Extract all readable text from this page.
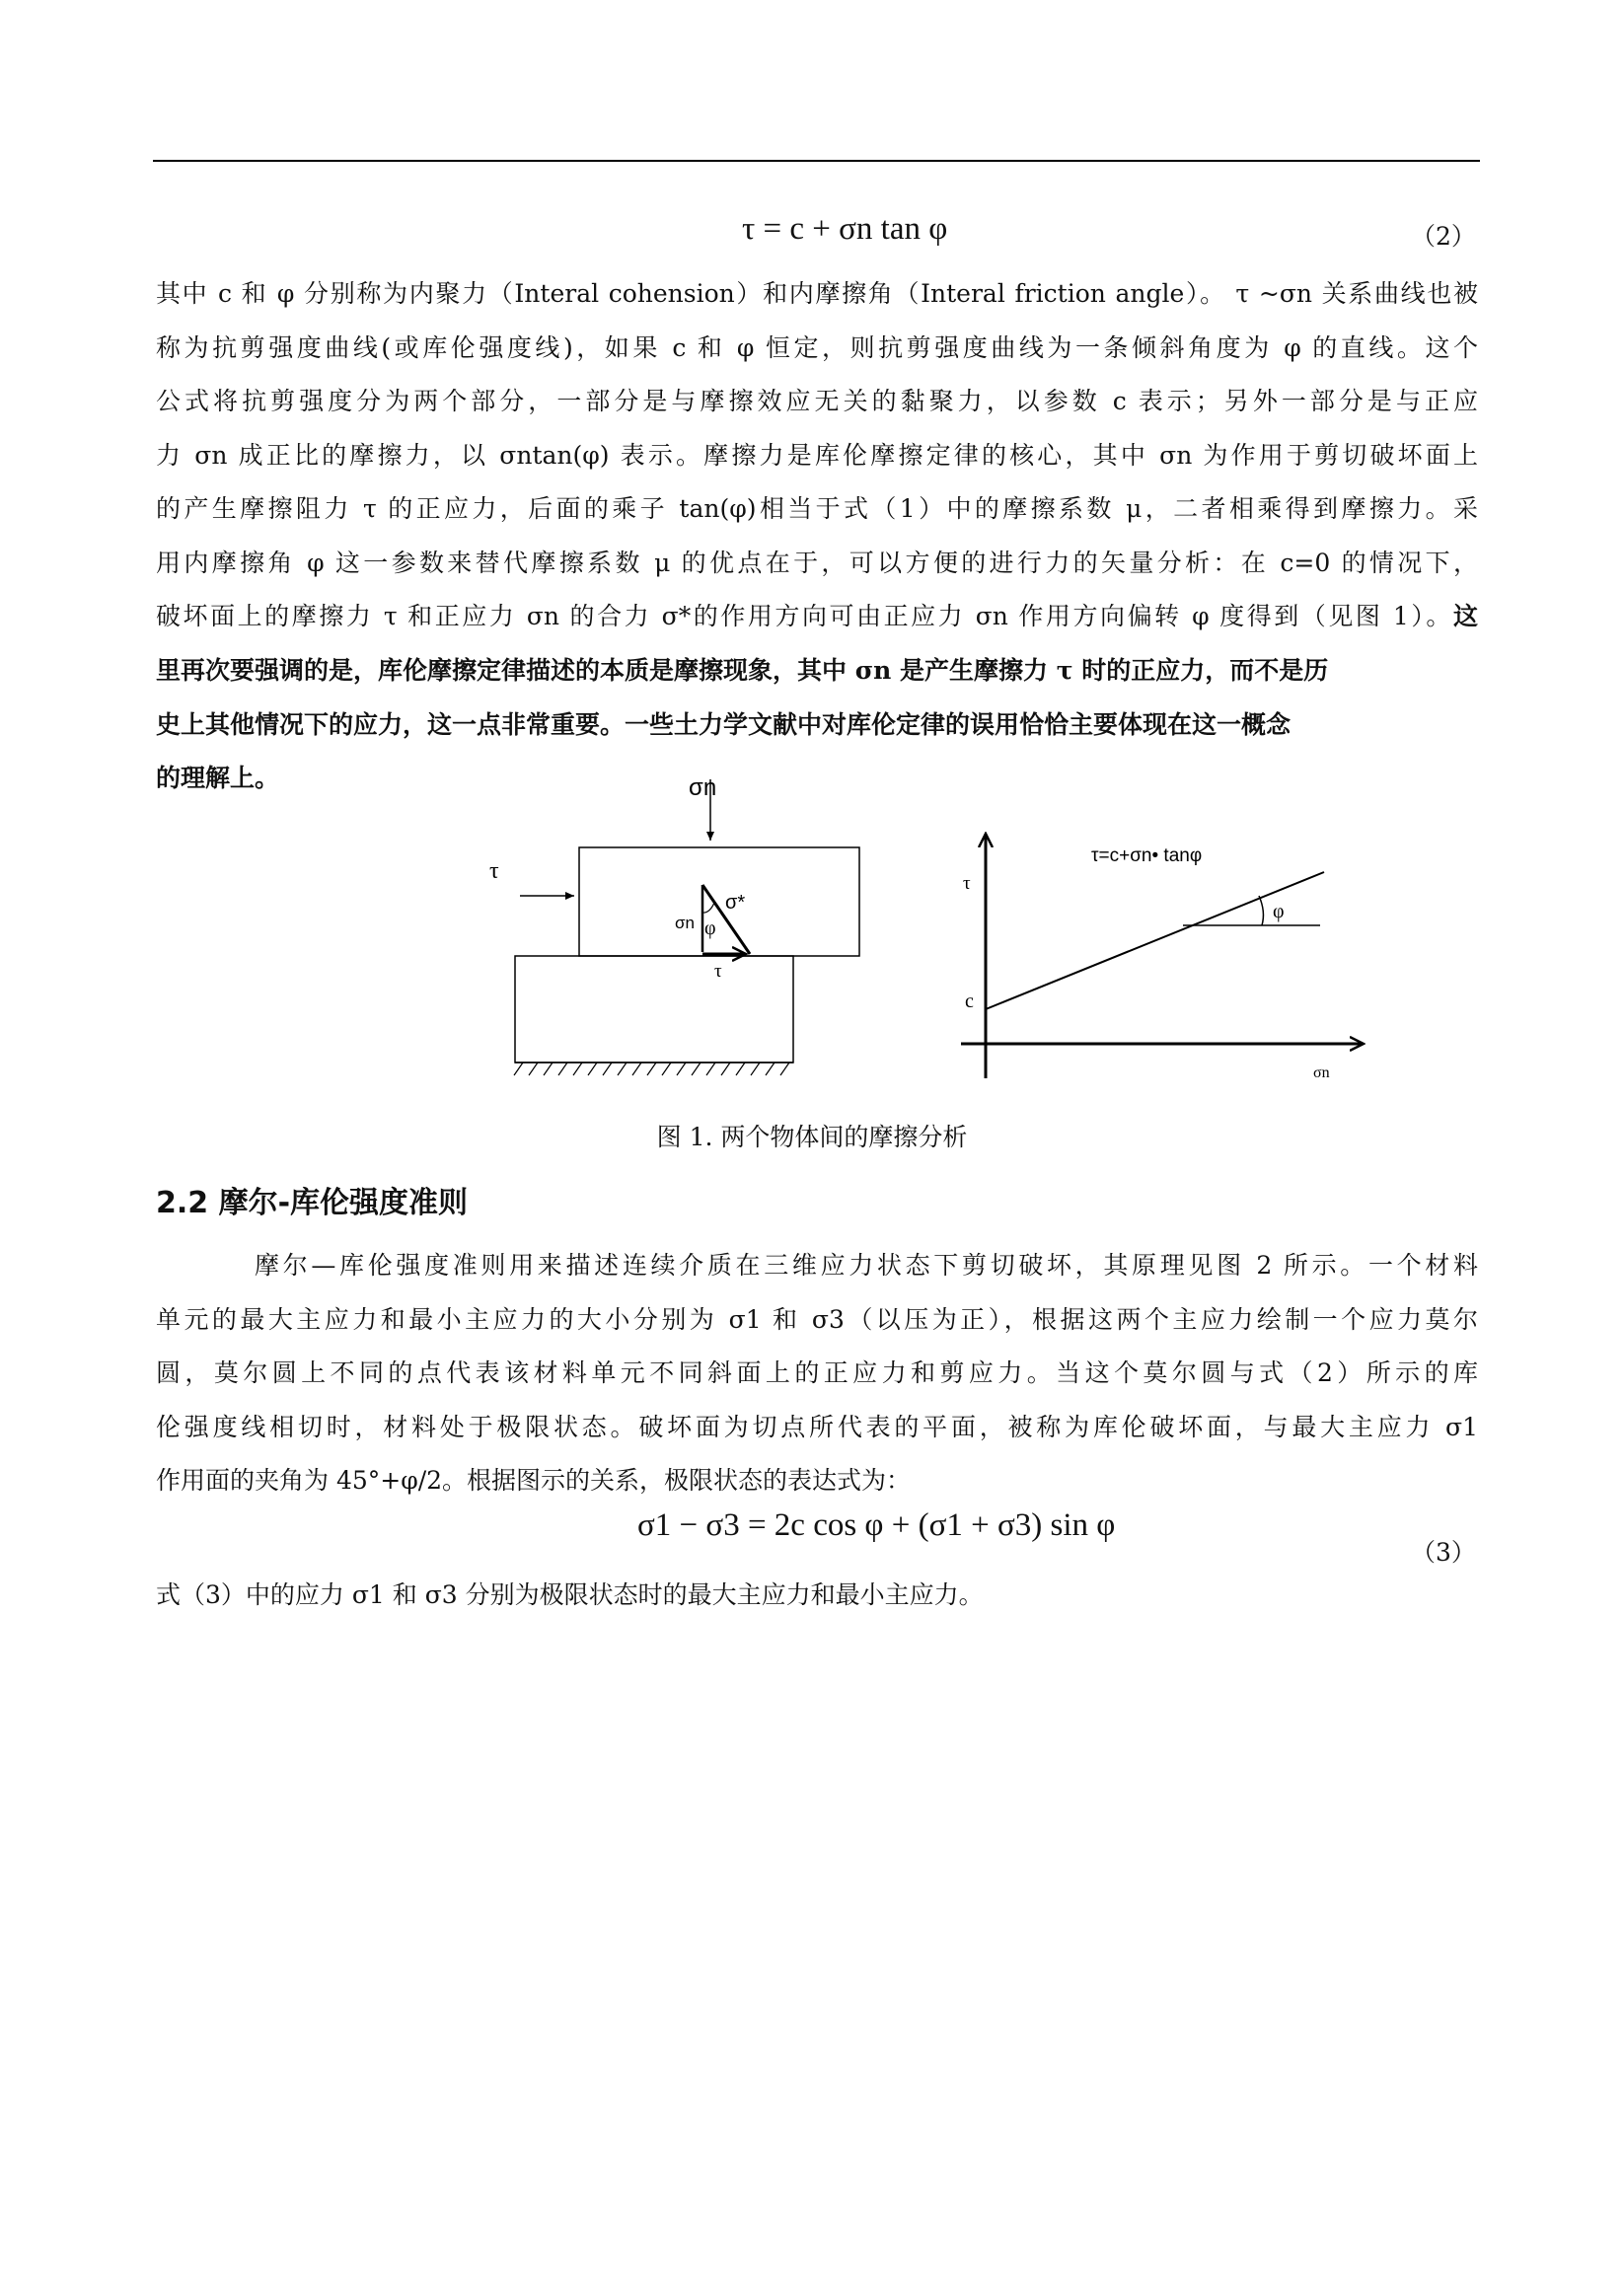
τ = c + σn tan φ	（2）
其中 c 和 φ 分别称为内聚力（Interal cohension）和内摩擦角（Interal friction angle）。 τ ~σn 关系曲线也被
称为抗剪强度曲线(或库伦强度线)，如果 c 和 φ 恒定，则抗剪强度曲线为一条倾斜角度为 φ 的直线。这个
公式将抗剪强度分为两个部分，一部分是与摩擦效应无关的黏聚力，以参数 c 表示；另外一部分是与正应
力 σn 成正比的摩擦力，以 σntan(φ) 表示。摩擦力是库伦摩擦定律的核心，其中 σn 为作用于剪切破坏面上
的产生摩擦阻力 τ 的正应力，后面的乘子 tan(φ)相当于式（1）中的摩擦系数 μ，二者相乘得到摩擦力。采
用内摩擦角 φ 这一参数来替代摩擦系数 μ 的优点在于，可以方便的进行力的矢量分析：在 c=0 的情况下，
破坏面上的摩擦力 τ 和正应力 σn 的合力 σ*的作用方向可由正应力 σn 作用方向偏转 φ 度得到（见图 1）。这
里再次要强调的是，库伦摩擦定律描述的本质是摩擦现象，其中 σn 是产生摩擦力 τ 时的正应力，而不是历
史上其他情况下的应力，这一点非常重要。一些土力学文献中对库伦定律的误用恰恰主要体现在这一概念
的理解上。	σn
τ
φ
σ*
σn
τ
τ
σn
τ=c+σn• tanφ
φ
c
图 1. 两个物体间的摩擦分析
2.2 摩尔-库伦强度准则
摩尔—库伦强度准则用来描述连续介质在三维应力状态下剪切破坏，其原理见图 2 所示。一个材料
单元的最大主应力和最小主应力的大小分别为 σ1 和 σ3（以压为正），根据这两个主应力绘制一个应力莫尔
圆，莫尔圆上不同的点代表该材料单元不同斜面上的正应力和剪应力。当这个莫尔圆与式（2）所示的库
伦强度线相切时，材料处于极限状态。破坏面为切点所代表的平面，被称为库伦破坏面，与最大主应力 σ1
作用面的夹角为 45°+φ/2。根据图示的关系，极限状态的表达式为：
σ1 − σ3 = 2c cos φ + (σ1 + σ3) sin φ
（3）
式（3）中的应力 σ1 和 σ3 分别为极限状态时的最大主应力和最小主应力。
